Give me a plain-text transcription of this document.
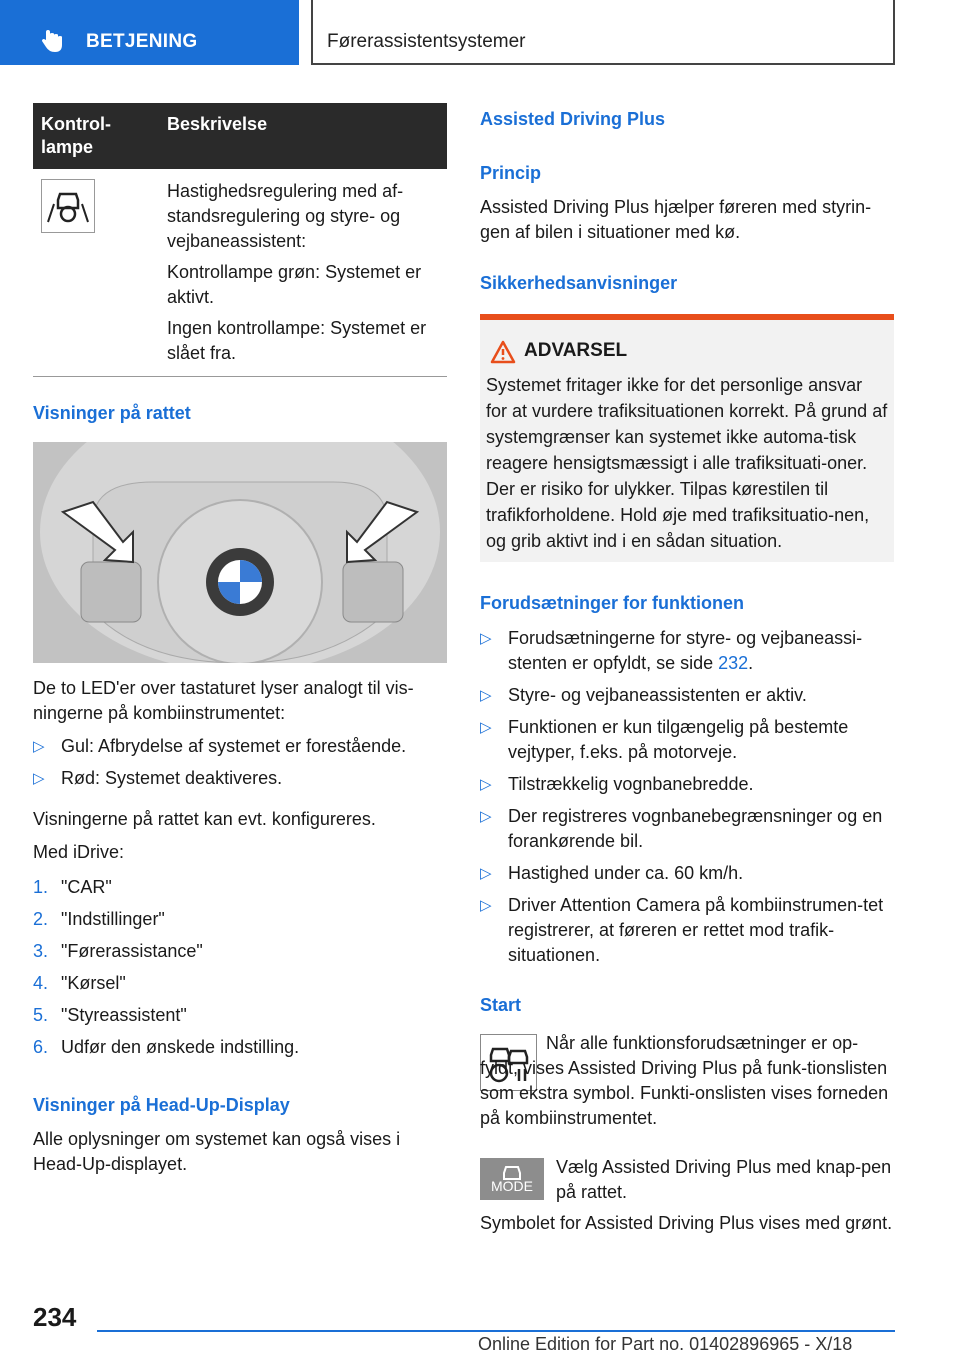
BETJENING	Førerassistentsystemer
Kontrol-
lampe	Beskrivelse

Hastighedsregulering med af-standsregulering og styre- og vejbaneassistent:

Kontrollampe grøn: Systemet er aktivt.

Ingen kontrollampe: Systemet er slået fra.

Visninger på rattet

De to LED'er over tastaturet lyser analogt til vis-ningerne på kombiinstrumentet:

▷ Gul: Afbrydelse af systemet er forestående.

▷ Rød: Systemet deaktiveres.

Visningerne på rattet kan evt. konfigureres.

Med iDrive:

1. "CAR"

2. "Indstillinger"

3. "Førerassistance"

4. "Kørsel"

5. "Styreassistent"

6. Udfør den ønskede indstilling.

Visninger på Head-Up-Display

Alle oplysninger om systemet kan også vises i Head-Up-displayet.

Assisted Driving Plus
Princip

Assisted Driving Plus hjælper føreren med styrin-gen af bilen i situationer med kø.

Sikkerhedsanvisninger
ADVARSEL

Systemet fritager ikke for det personlige ansvar for at vurdere trafiksituationen korrekt. På grund af systemgrænser kan systemet ikke automa-tisk reagere hensigtsmæssigt i alle trafiksituati-oner. Der er risiko for ulykker. Tilpas kørestilen til trafikforholdene. Hold øje med trafiksituatio-nen, og grib aktivt ind i en sådan situation.

Forudsætninger for funktionen

▷ Forudsætningerne for styre- og vejbaneassi-stenten er opfyldt, se side 232.

▷ Styre- og vejbaneassistenten er aktiv.

▷ Funktionen er kun tilgængelig på bestemte vejtyper, f.eks. på motorveje.

▷ Tilstrækkelig vognbanebredde.

▷ Der registreres vognbanebegrænsninger og en forankørende bil.

▷ Hastighed under ca. 60 km/h.

▷ Driver Attention Camera på kombiinstrumen-tet registrerer, at føreren er rettet mod trafik-situationen.

Start

Når alle funktionsforudsætninger er op-fyldt, vises Assisted Driving Plus på funk-tionslisten som ekstra symbol. Funkti-onslisten vises forneden på kombiinstrumentet.

MODE

Vælg Assisted Driving Plus med knap-pen på rattet.

Symbolet for Assisted Driving Plus vises med grønt.

234
Online Edition for Part no. 01402896965 - X/18
